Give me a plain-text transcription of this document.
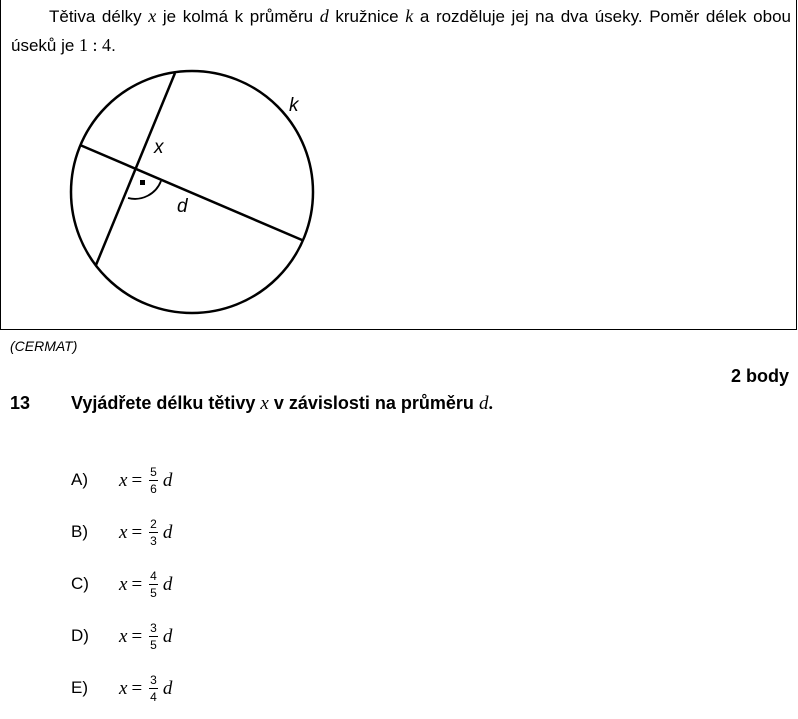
Tětiva délky x je kolmá k průměru d kružnice k a rozděluje jej na dva úseky. Poměr délek obou úseků je 1 : 4.

k
x
d
(CERMAT)
2 body
13 Vyjádřete délku tětivy x v závislosti na průměru d.
A)	$x = \frac{5}{6}$ d
B)	$x = \frac{2}{3}$ d
C)	$x = \frac{4}{5}$ d
D)	$x = \frac{3}{5}$ d
E)	$x = \frac{3}{4}$ d
